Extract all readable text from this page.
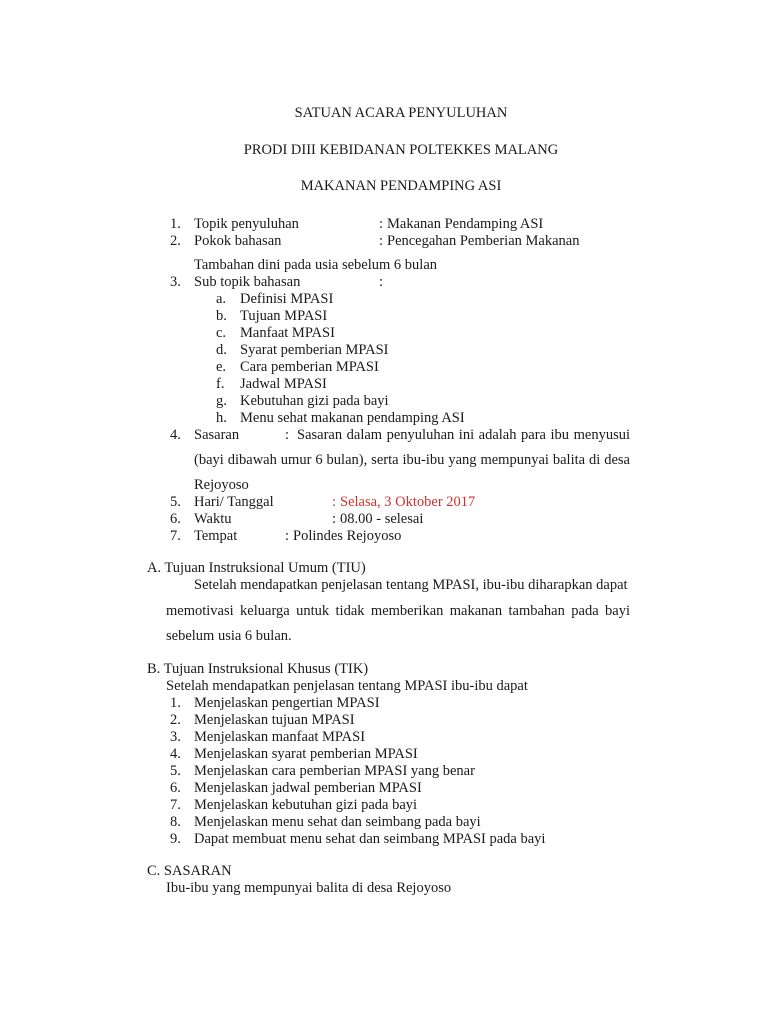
SATUAN ACARA PENYULUHAN
PRODI DIII KEBIDANAN POLTEKKES MALANG
MAKANAN PENDAMPING ASI
1. Topik penyuluhan	: Makanan Pendamping ASI
2. Pokok bahasan	: Pencegahan Pemberian Makanan
Tambahan dini pada usia sebelum 6 bulan
3. Sub topik bahasan	:
a. Definisi MPASI
b. Tujuan MPASI
c. Manfaat MPASI
d. Syarat pemberian MPASI
e. Cara pemberian MPASI
f. Jadwal MPASI
g. Kebutuhan gizi pada bayi
h. Menu sehat makanan pendamping ASI
4. Sasaran	: Sasaran dalam penyuluhan ini adalah para ibu menyusui
(bayi dibawah umur 6 bulan), serta ibu-ibu yang mempunyai balita di desa
Rejoyoso
5. Hari/ Tanggal	: Selasa, 3 Oktober 2017
6. Waktu	: 08.00 - selesai
7. Tempat	: Polindes Rejoyoso
A. Tujuan Instruksional Umum (TIU)
Setelah mendapatkan penjelasan tentang MPASI, ibu-ibu diharapkan dapat
memotivasi keluarga untuk tidak memberikan makanan tambahan pada bayi
sebelum usia 6 bulan.
B. Tujuan Instruksional Khusus (TIK)
Setelah mendapatkan penjelasan tentang MPASI ibu-ibu dapat
1. Menjelaskan pengertian MPASI
2. Menjelaskan tujuan MPASI
3. Menjelaskan manfaat MPASI
4. Menjelaskan syarat pemberian MPASI
5. Menjelaskan cara pemberian MPASI yang benar
6. Menjelaskan jadwal pemberian MPASI
7. Menjelaskan kebutuhan gizi pada bayi
8. Menjelaskan menu sehat dan seimbang pada bayi
9. Dapat membuat menu sehat dan seimbang MPASI pada bayi
C. SASARAN
Ibu-ibu yang mempunyai balita di desa Rejoyoso
